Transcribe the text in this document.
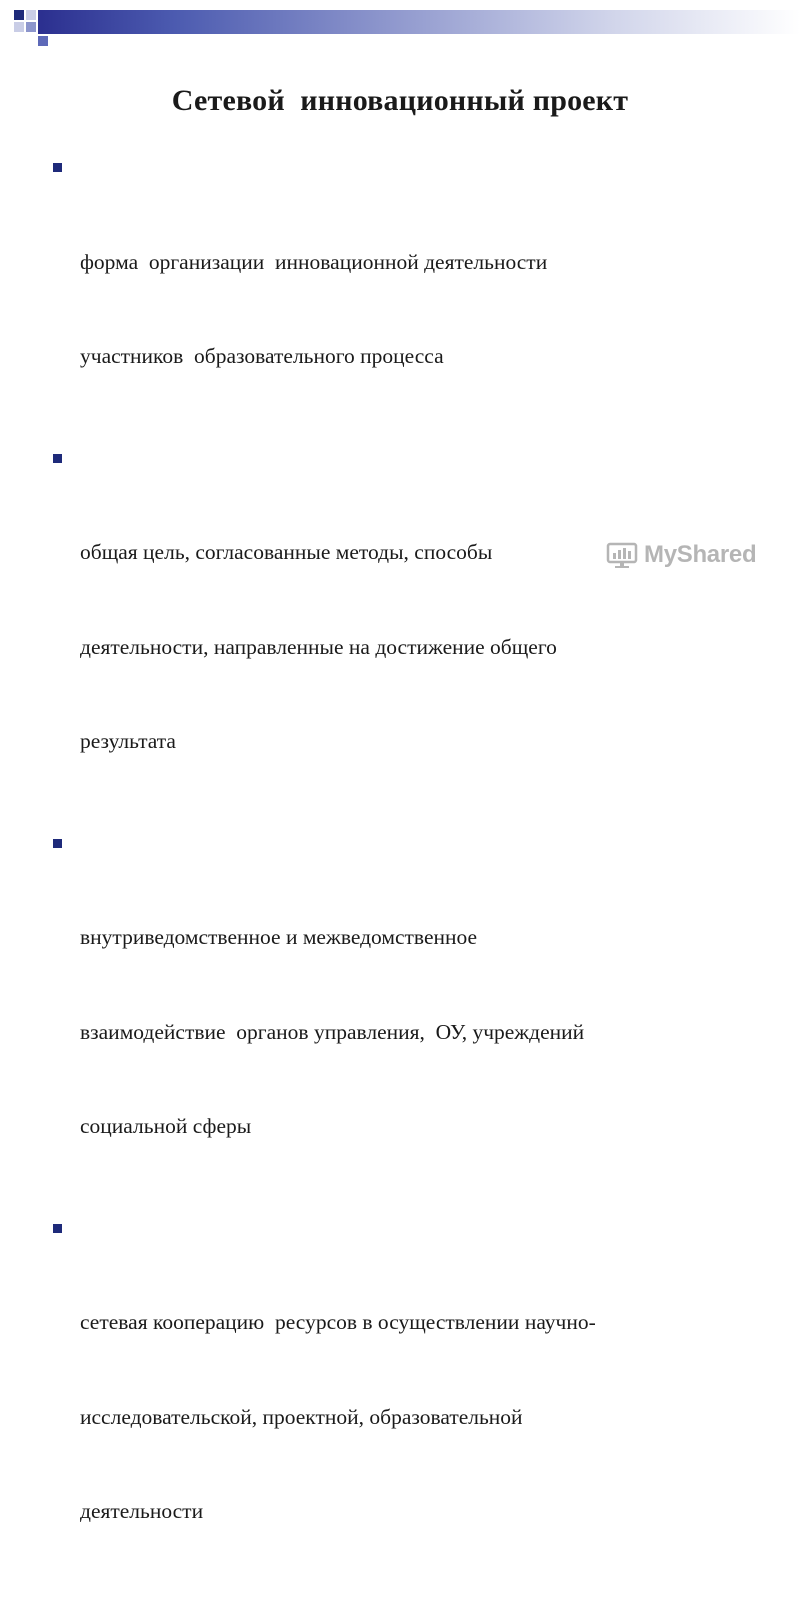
Сетевой  инновационный проект

форма  организации  инновационной деятельности

участников  образовательного процесса

общая цель, согласованные методы, способы

деятельности, направленные на достижение общего

результата

внутриведомственное и межведомственное

взаимодействие  органов управления,  ОУ, учреждений

социальной сферы

сетевая кооперацию  ресурсов в осуществлении научно-

исследовательской, проектной, образовательной

деятельности

MyShared
